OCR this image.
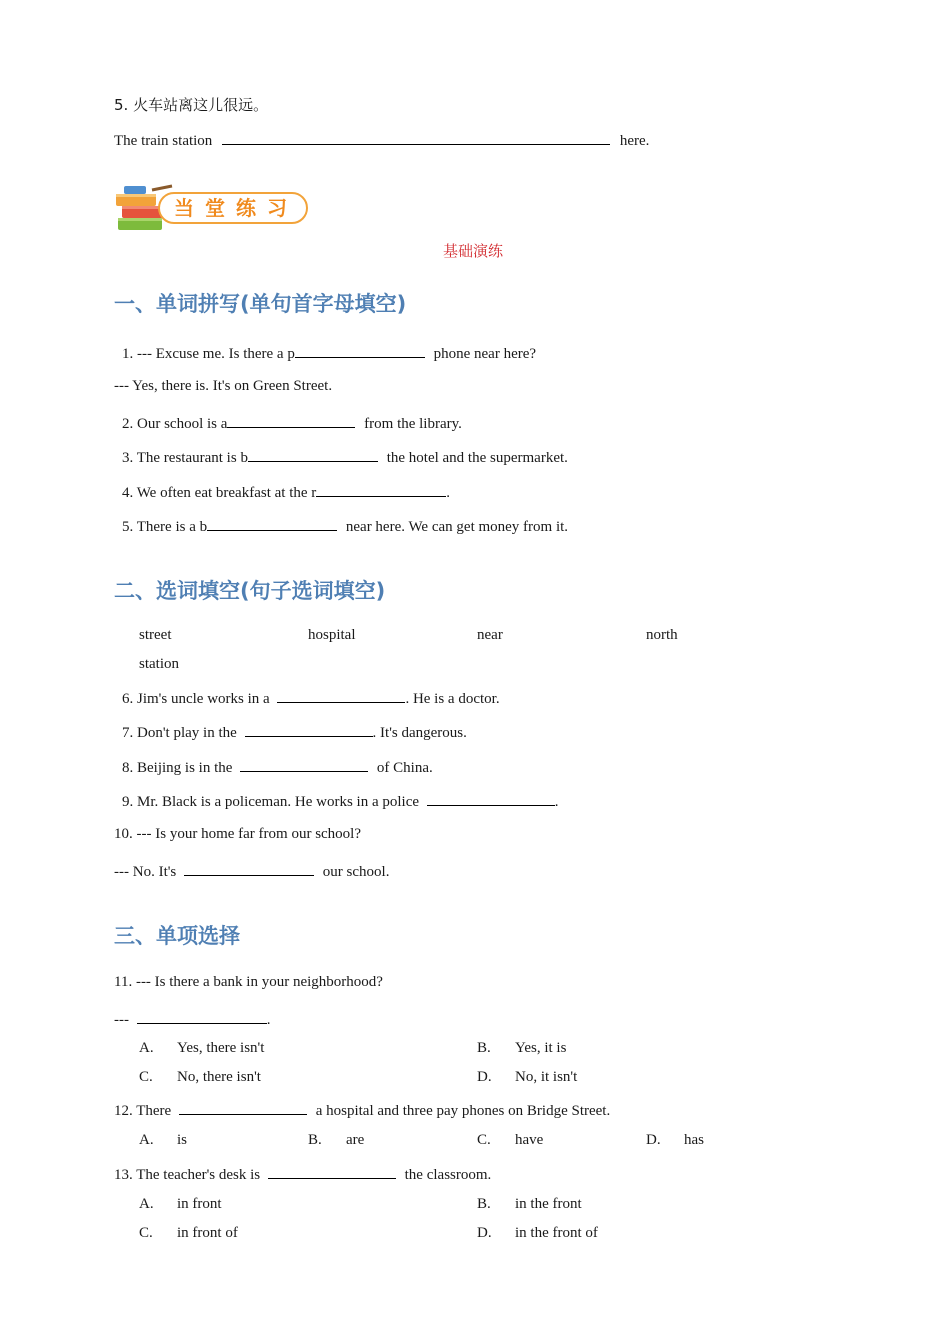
5. 火车站离这儿很远。
The train station	here.
当堂练习
基础演练
一、单词拼写(单句首字母填空)
1. --- Excuse me. Is there a p	phone near here?
--- Yes, there is. It's on Green Street.
2. Our school is a	from the library.
3. The restaurant is b	the hotel and the supermarket.
4. We often eat breakfast at the r	.
5. There is a b	near here. We can get money from it.
二、选词填空(句子选词填空)
street	hospital	near	north
station
6. Jim's uncle works in a	. He is a doctor.
7. Don't play in the	. It's dangerous.
8. Beijing is in the	of China.
9. Mr. Black is a policeman. He works in a police	.
10. --- Is your home far from our school?
--- No. It's	our school.
三、单项选择
11. --- Is there a bank in your neighborhood?
---	.
A. Yes, there isn't	B. Yes, it is
C. No, there isn't	D. No, it isn't
12. There	a hospital and three pay phones on Bridge Street.
A. is	B. are	C. have	D. has
13. The teacher's desk is	the classroom.
A. in front	B. in the front
C. in front of	D. in the front of
